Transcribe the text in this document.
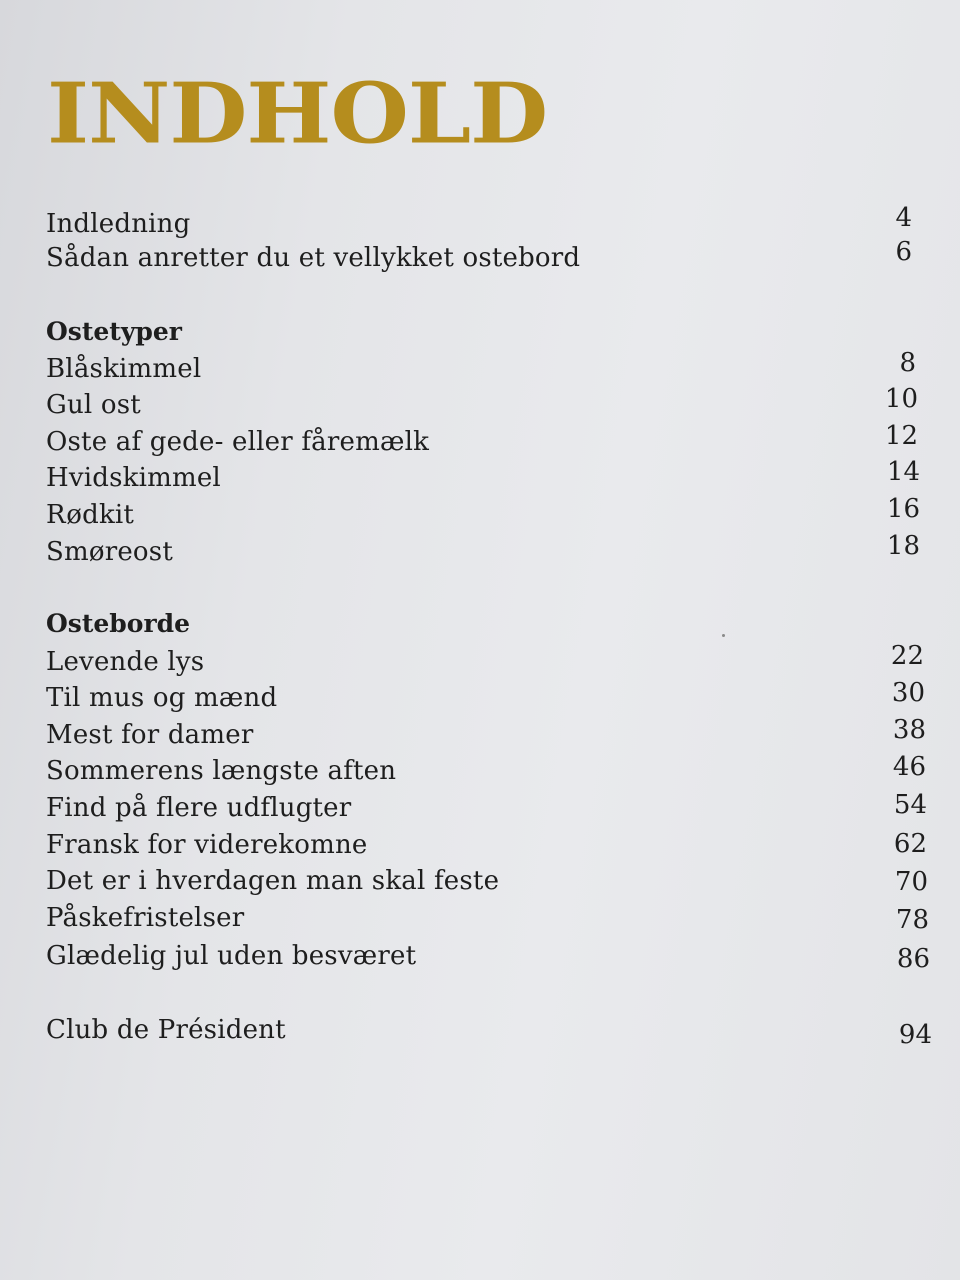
INDHOLD
Indledning	4
Sådan anretter du et vellykket ostebord	6
Ostetyper
Blåskimmel	8
Gul ost	10
Oste af gede- eller fåremælk	12
Hvidskimmel	14
Rødkit	16
Smøreost	18
Osteborde
Levende lys	22
Til mus og mænd	30
Mest for damer	38
Sommerens længste aften	46
Find på flere udflugter	54
Fransk for viderekomne	62
Det er i hverdagen man skal feste	70
Påskefristelser	78
Glædelig jul uden besværet	86
Club de Président	94
